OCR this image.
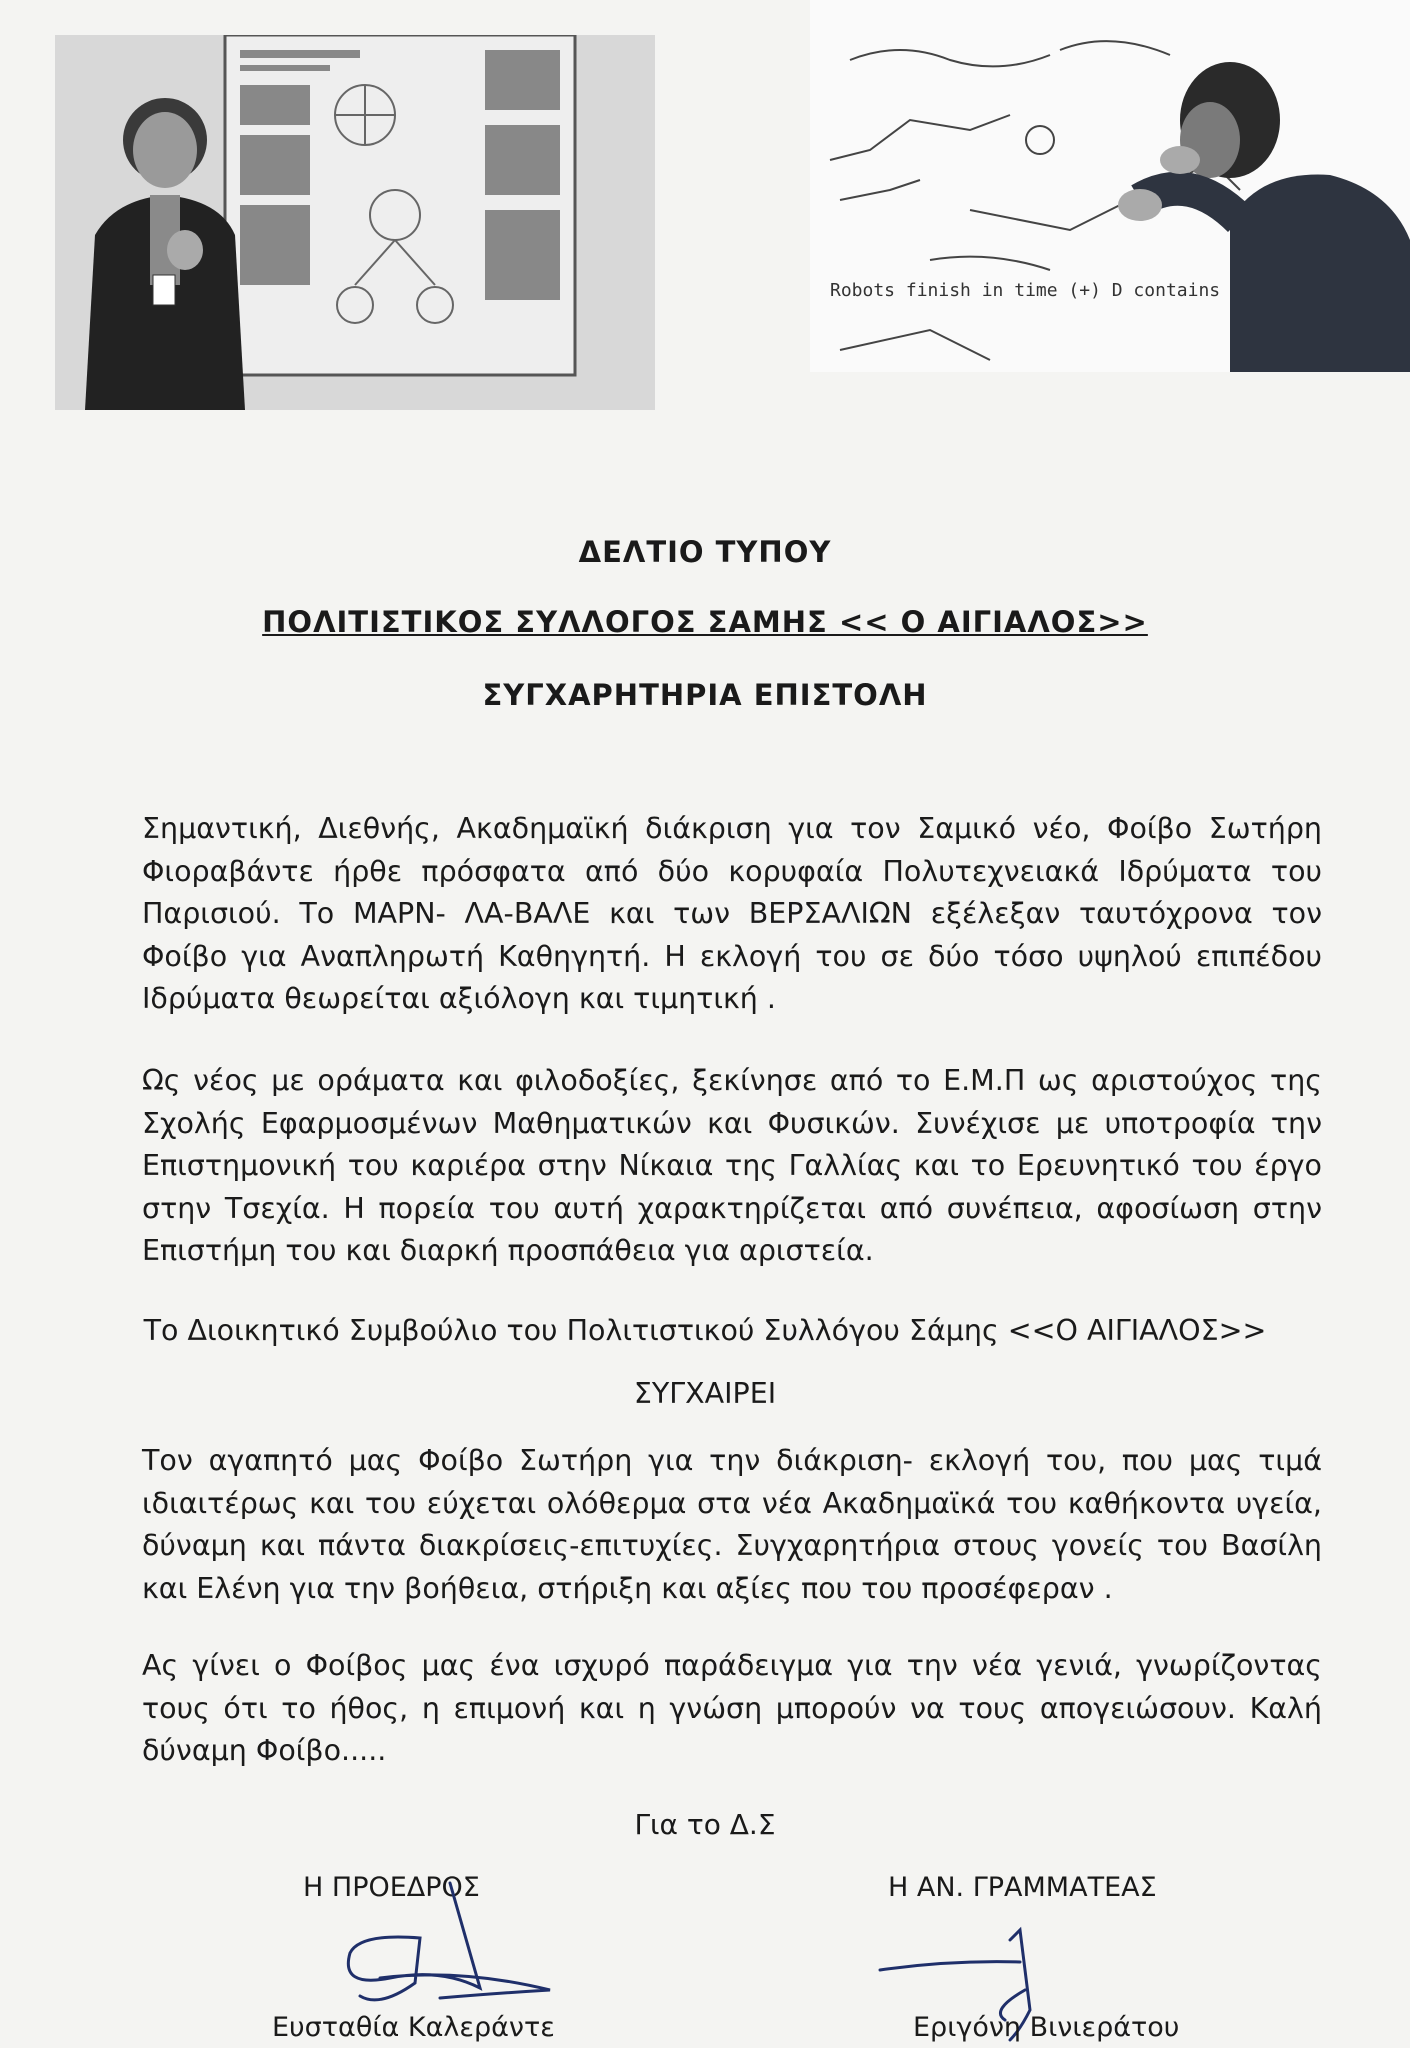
Robots finish in time (+) D contains
ΔΕΛΤΙΟ ΤΥΠΟΥ
ΠΟΛΙΤΙΣΤΙΚΟΣ ΣΥΛΛΟΓΟΣ ΣΑΜΗΣ << Ο ΑΙΓΙΑΛΟΣ>>
ΣΥΓΧΑΡΗΤΗΡΙΑ ΕΠΙΣΤΟΛΗ
Σημαντική, Διεθνής, Ακαδημαϊκή διάκριση για τον Σαμικό νέο, Φοίβο Σωτήρη Φιοραβάντε ήρθε πρόσφατα από δύο κορυφαία Πολυτεχνειακά Ιδρύματα του Παρισιού. Το ΜΑΡΝ- ΛΑ-ΒΑΛΕ και των ΒΕΡΣΑΛΙΩΝ εξέλεξαν ταυτόχρονα τον Φοίβο για Αναπληρωτή Καθηγητή. Η εκλογή του σε δύο τόσο υψηλού επιπέδου Ιδρύματα θεωρείται αξιόλογη και τιμητική .
Ως νέος με οράματα και φιλοδοξίες, ξεκίνησε από το Ε.Μ.Π ως αριστούχος της Σχολής Εφαρμοσμένων Μαθηματικών και Φυσικών. Συνέχισε με υποτροφία την Επιστημονική του καριέρα στην Νίκαια της Γαλλίας και το Ερευνητικό του έργο στην Τσεχία. Η πορεία του αυτή χαρακτηρίζεται από συνέπεια, αφοσίωση στην Επιστήμη του και διαρκή προσπάθεια για αριστεία.
Το Διοικητικό Συμβούλιο του Πολιτιστικού Συλλόγου Σάμης <<Ο ΑΙΓΙΑΛΟΣ>>
ΣΥΓΧΑΙΡΕΙ
Τον αγαπητό μας Φοίβο Σωτήρη για την διάκριση- εκλογή του, που μας τιμά ιδιαιτέρως και του εύχεται ολόθερμα στα νέα Ακαδημαϊκά του καθήκοντα υγεία, δύναμη και πάντα διακρίσεις-επιτυχίες. Συγχαρητήρια στους γονείς του Βασίλη και Ελένη για την βοήθεια, στήριξη και αξίες που του προσέφεραν .
Ας γίνει ο Φοίβος μας ένα ισχυρό παράδειγμα για την νέα γενιά, γνωρίζοντας τους ότι το ήθος, η επιμονή και η γνώση μπορούν να τους απογειώσουν. Καλή δύναμη Φοίβο.....
Για το Δ.Σ
Η ΠΡΟΕΔΡΟΣ	Η ΑΝ. ΓΡΑΜΜΑΤΕΑΣ
Ευσταθία Καλεράντε	Εριγόνη Βινιεράτου
